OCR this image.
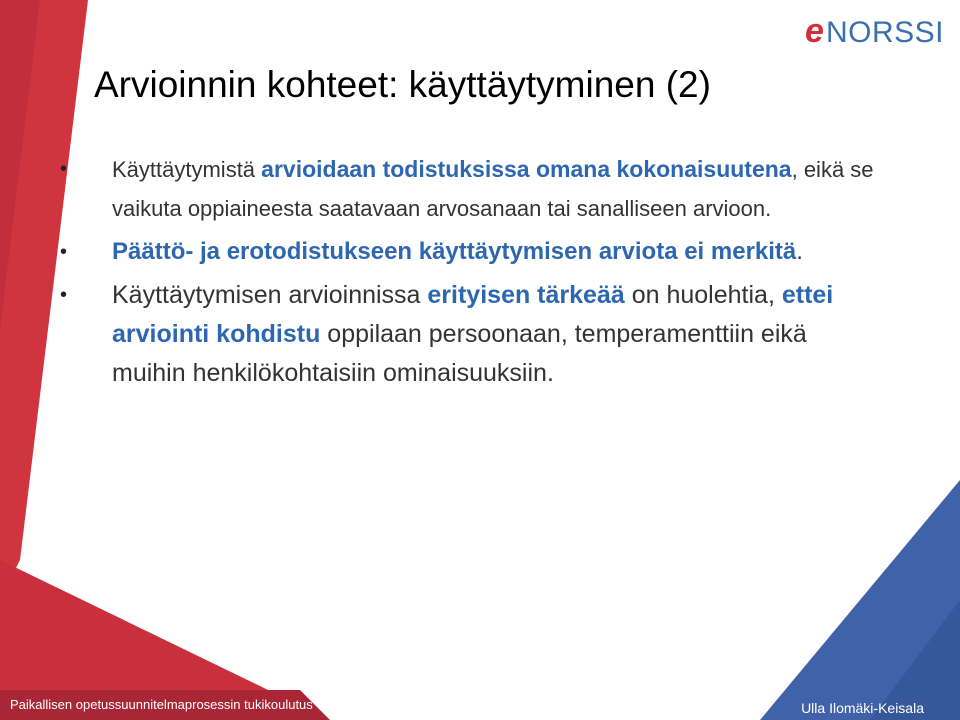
e NORSSI
Arvioinnin kohteet: käyttäytyminen (2)
• Käyttäytymistä arvioidaan todistuksissa omana kokonaisuutena, eikä se vaikuta oppiaineesta saatavaan arvosanaan tai sanalliseen arvioon.
• Päättö- ja erotodistukseen käyttäytymisen arviota ei merkitä.
• Käyttäytymisen arvioinnissa erityisen tärkeää on huolehtia, ettei arviointi kohdistu oppilaan persoonaan, temperamenttiin eikä muihin henkilökohtaisiin ominaisuuksiin.
Paikallisen opetussuunnitelmaprosessin tukikoulutus	Ulla Ilomäki-Keisala
